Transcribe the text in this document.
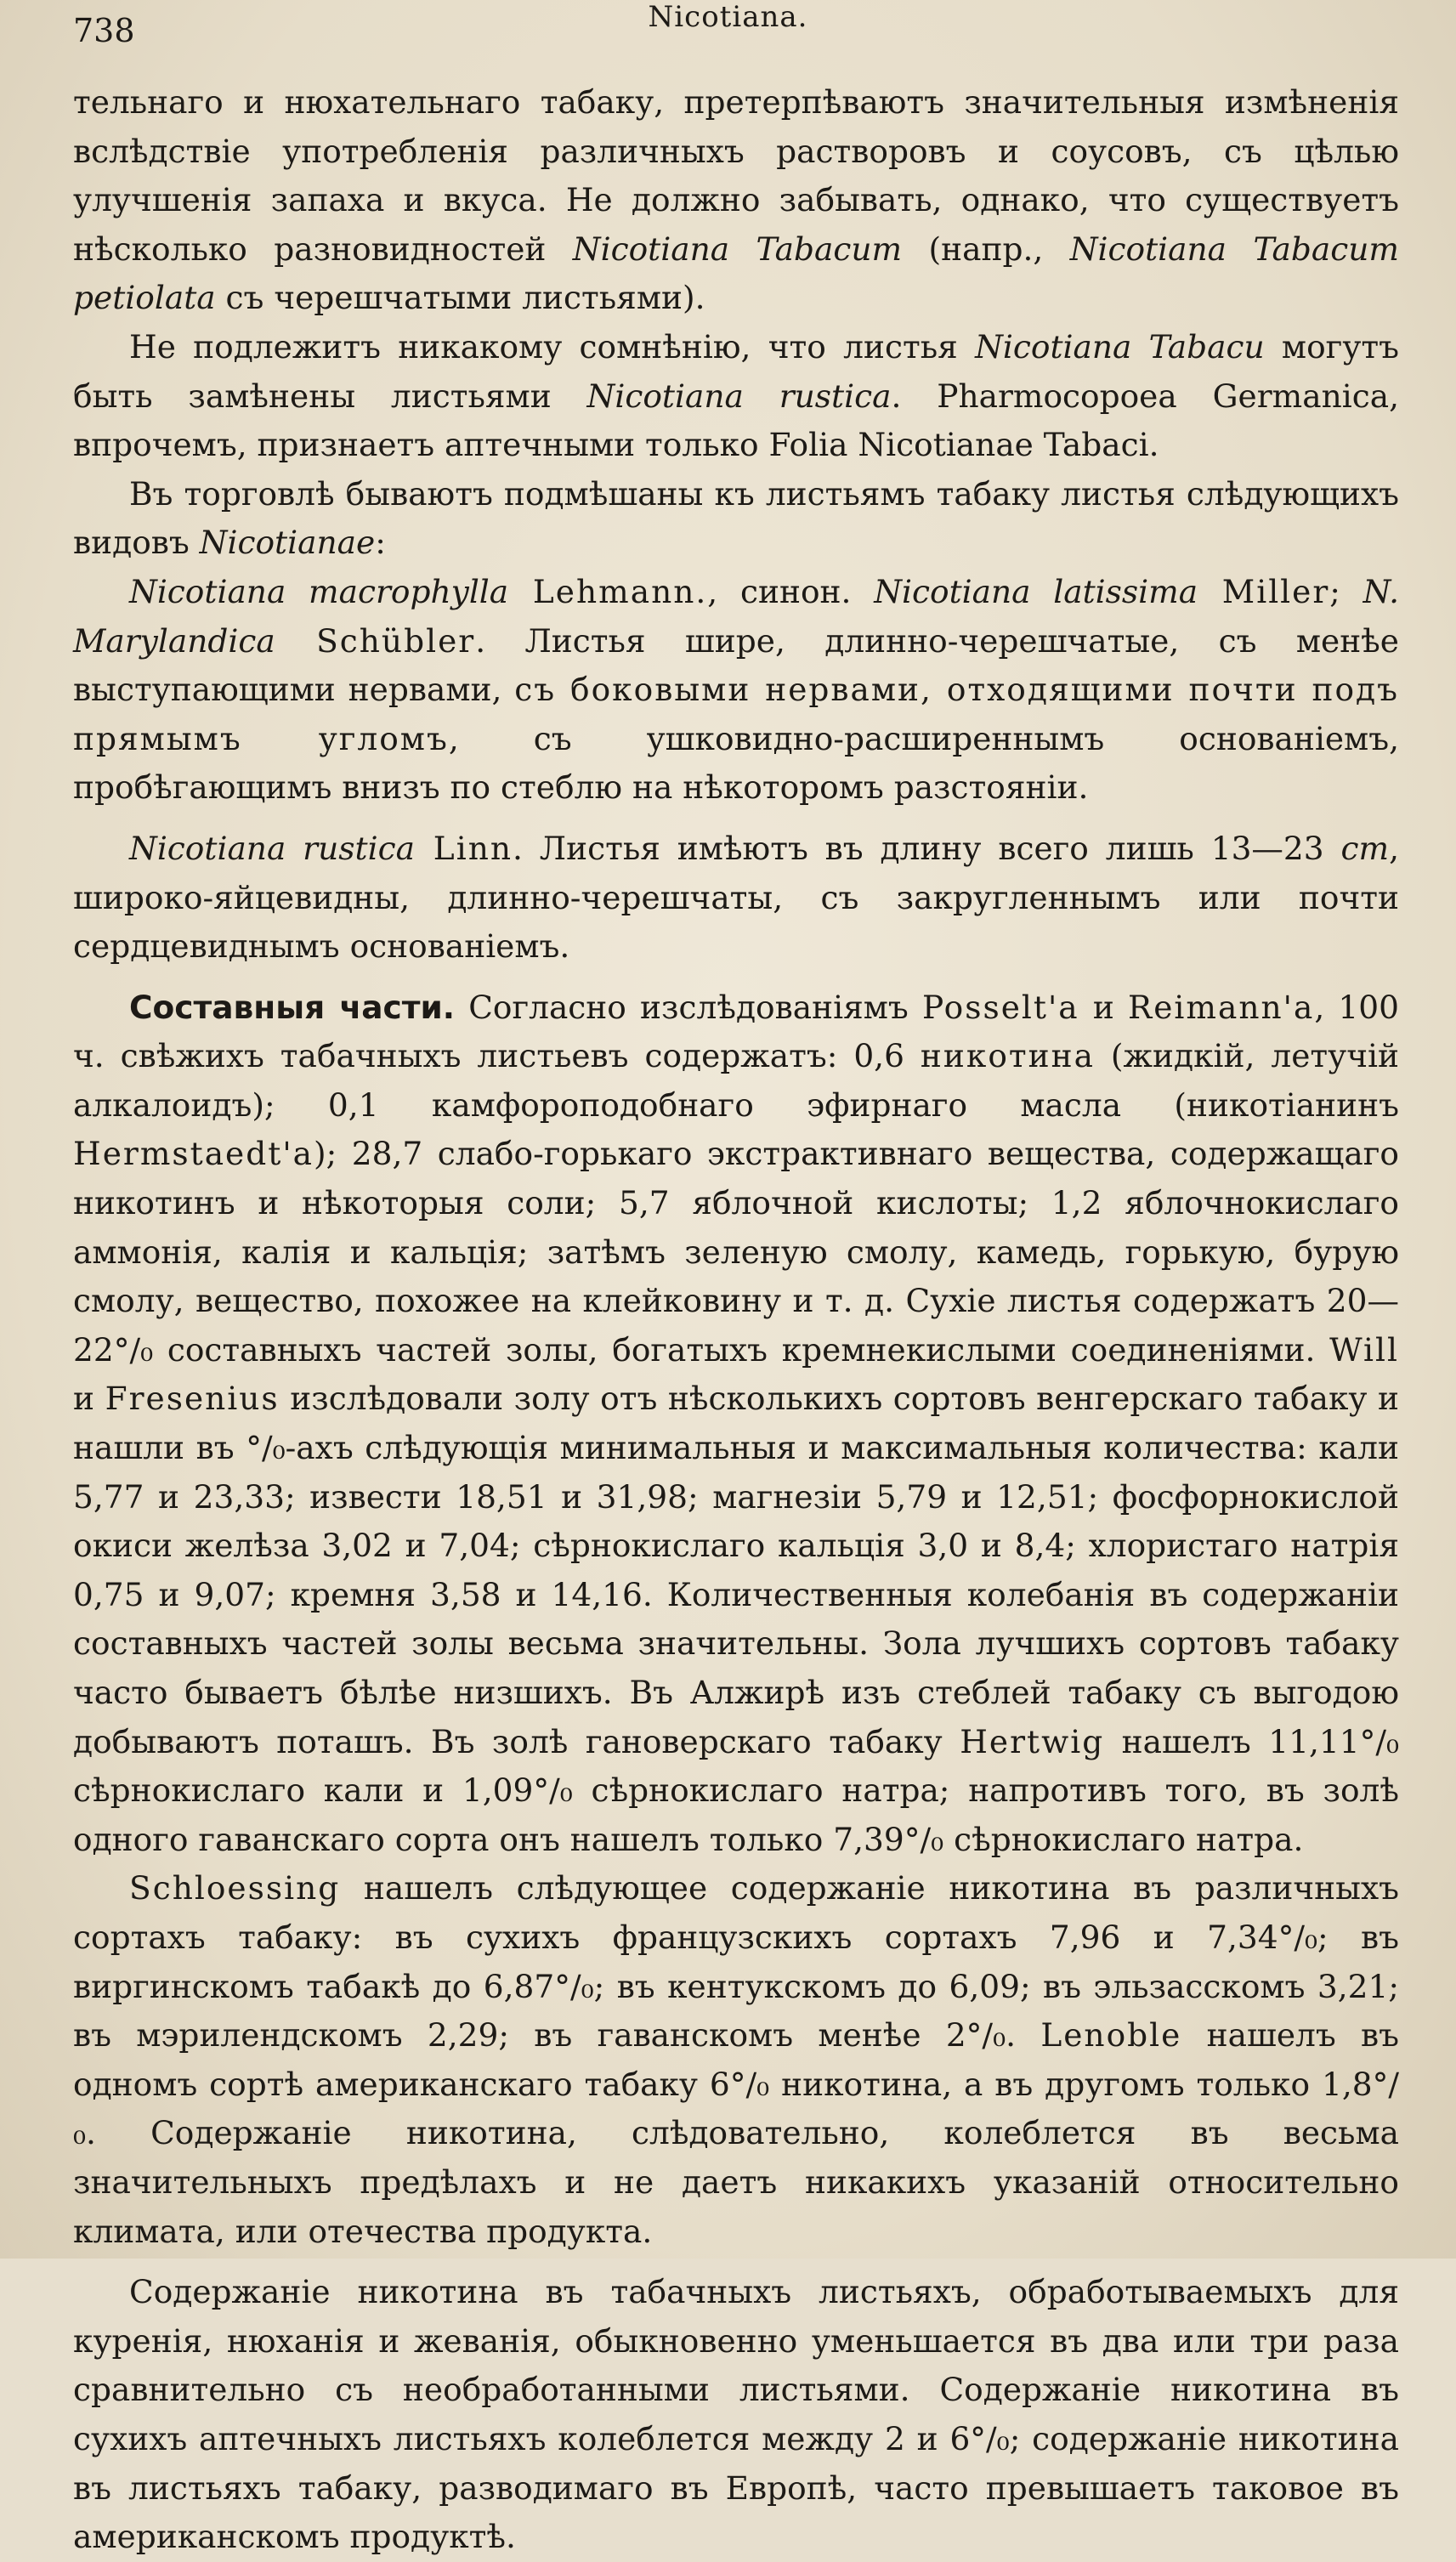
738	Nicotiana.

тельнаго и нюхательнаго табаку, претерпѣваютъ значительныя измѣненія вслѣдствіе употребленія различныхъ растворовъ и соусовъ, съ цѣлью улучшенія запаха и вкуса. Не должно забывать, однако, что существуетъ нѣсколько разновидностей Nicotiana Tabacum (напр., Nicotiana Tabacum petiolata съ черешчатыми листьями).

Не подлежитъ никакому сомнѣнію, что листья Nicotiana Tabacu могутъ быть замѣнены листьями Nicotiana rustica. Pharmocopoea Germanica, впрочемъ, признаетъ аптечными только Folia Nicotianae Tabaci.

Въ торговлѣ бываютъ подмѣшаны къ листьямъ табаку листья слѣдующихъ видовъ Nicotianae:

Nicotiana macrophylla Lehmann., синон. Nicotiana latissima Miller; N. Marylandica Schübler. Листья шире, длинно-черешчатые, съ менѣе выступающими нервами, съ боковыми нервами, отходящими почти подъ прямымъ угломъ, съ ушковидно-расширеннымъ основаніемъ, пробѣгающимъ внизъ по стеблю на нѣкоторомъ разстояніи.

Nicotiana rustica Linn. Листья имѣютъ въ длину всего лишь 13—23 cm, широко-яйцевидны, длинно-черешчаты, съ закругленнымъ или почти сердцевиднымъ основаніемъ.

Составныя части. Согласно изслѣдованіямъ Posselt'a и Reimann'a, 100 ч. свѣжихъ табачныхъ листьевъ содержатъ: 0,6 никотина (жидкій, летучій алкалоидъ); 0,1 камфороподобнаго эфирнаго масла (никотіанинъ Hermstaedt'a); 28,7 слабо-горькаго экстрактивнаго вещества, содержащаго никотинъ и нѣкоторыя соли; 5,7 яблочной кислоты; 1,2 яблочнокислаго аммонія, калія и кальція; затѣмъ зеленую смолу, камедь, горькую, бурую смолу, вещество, похожее на клейковину и т. д. Сухіе листья содержатъ 20—22°/₀ составныхъ частей золы, богатыхъ кремнекислыми соединеніями. Will и Fresenius изслѣдовали золу отъ нѣсколькихъ сортовъ венгерскаго табаку и нашли въ °/₀-ахъ слѣдующія минимальныя и максимальныя количества: кали 5,77 и 23,33; извести 18,51 и 31,98; магнезіи 5,79 и 12,51; фосфорнокислой окиси желѣза 3,02 и 7,04; сѣрнокислаго кальція 3,0 и 8,4; хлористаго натрія 0,75 и 9,07; кремня 3,58 и 14,16. Количественныя колебанія въ содержаніи составныхъ частей золы весьма значительны. Зола лучшихъ сортовъ табаку часто бываетъ бѣлѣе низшихъ. Въ Алжирѣ изъ стеблей табаку съ выгодою добываютъ поташъ. Въ золѣ гановерскаго табаку Hertwig нашелъ 11,11°/₀ сѣрнокислаго кали и 1,09°/₀ сѣрнокислаго натра; напротивъ того, въ золѣ одного гаванскаго сорта онъ нашелъ только 7,39°/₀ сѣрнокислаго натра.

Schloessing нашелъ слѣдующее содержаніе никотина въ различныхъ сортахъ табаку: въ сухихъ французскихъ сортахъ 7,96 и 7,34°/₀; въ виргинскомъ табакѣ до 6,87°/₀; въ кентукскомъ до 6,09; въ эльзасскомъ 3,21; въ мэрилендскомъ 2,29; въ гаванскомъ менѣе 2°/₀. Lenoble нашелъ въ одномъ сортѣ американскаго табаку 6°/₀ никотина, а въ другомъ только 1,8°/₀. Содержаніе никотина, слѣдовательно, колеблется въ весьма значительныхъ предѣлахъ и не даетъ никакихъ указаній относительно климата, или отечества продукта.

Содержаніе никотина въ табачныхъ листьяхъ, обработываемыхъ для куренія, нюханія и жеванія, обыкновенно уменьшается въ два или три раза сравнительно съ необработанными листьями. Содержаніе никотина въ сухихъ аптечныхъ листьяхъ колеблется между 2 и 6°/₀; содержаніе никотина въ листьяхъ табаку, разводимаго въ Европѣ, часто превышаетъ таковое въ американскомъ продуктѣ.
